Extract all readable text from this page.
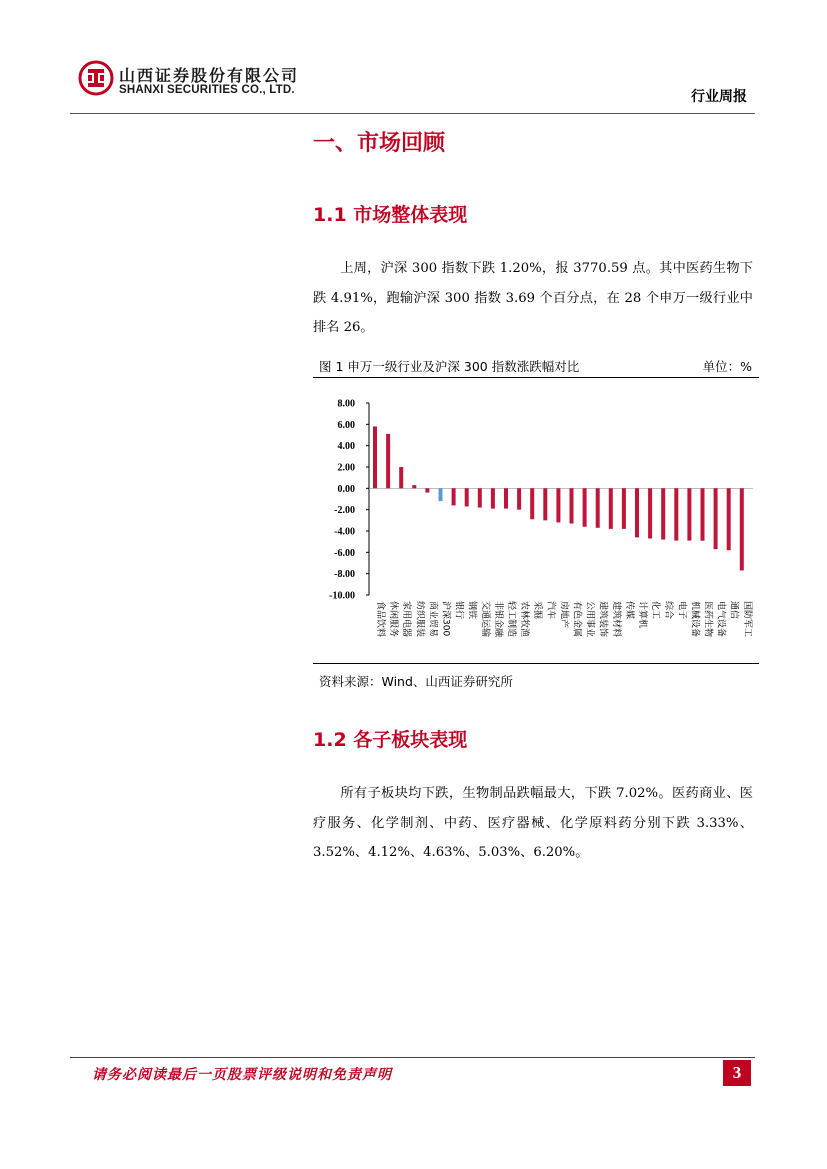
山西证券股份有限公司
SHANXI SECURITIES CO., LTD.	行业周报
一、市场回顾
1.1 市场整体表现
上周，沪深 300 指数下跌 1.20%，报 3770.59 点。其中医药生物下跌 4.91%，跑输沪深 300 指数 3.69 个百分点，在 28 个申万一级行业中排名 26。
图 1 申万一级行业及沪深 300 指数涨跌幅对比	单位：%
8.00
6.00
4.00
2.00
0.00
-2.00
-4.00
-6.00
-8.00
-10.00
食品饮料 休闲服务 家用电器 纺织服装 商业贸易 沪深300 银行 钢铁 交通运输 非银金融 轻工制造 农林牧渔 采掘 汽车 房地产 有色金属 公用事业 建筑装饰 建筑材料 传媒 计算机 化工 综合 电子 机械设备 医药生物 电气设备 通信 国防军工
资料来源：Wind、山西证券研究所
1.2 各子板块表现
所有子板块均下跌，生物制品跌幅最大，下跌 7.02%。医药商业、医疗服务、化学制剂、中药、医疗器械、化学原料药分别下跌 3.33%、3.52%、4.12%、4.63%、5.03%、6.20%。
请务必阅读最后一页股票评级说明和免责声明	3
